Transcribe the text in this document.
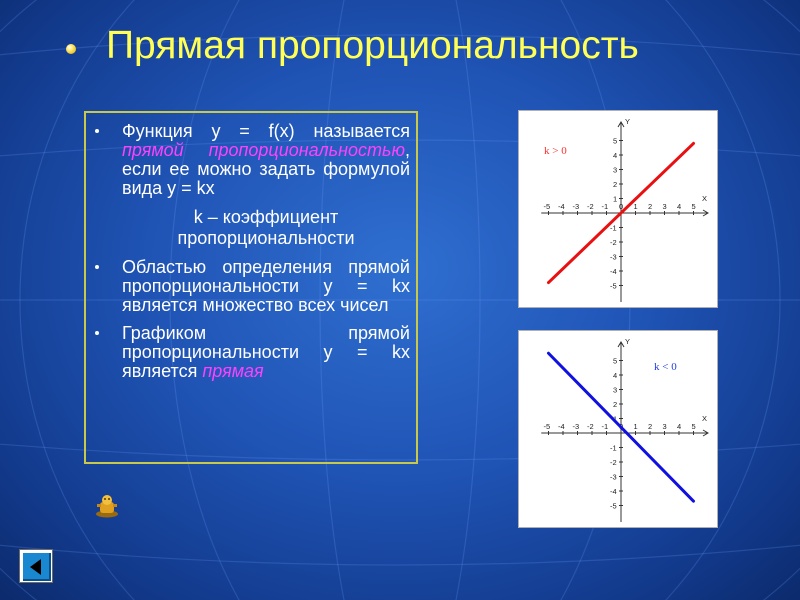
Прямая пропорциональность
Функция y = f(x) называется прямой пропорциональностью, если ее можно задать формулой вида y = kx
k – коэффициент пропорциональности
Областью определения прямой пропорциональности y = kx является множество всех чисел
Графиком прямой пропорциональности y = kx является прямая
X
Y
-5 -4 -3 -2 -1 0 1 2 3 4 5
-5
-4
-3
-2
-1
1
2
3
4
5
k > 0
X
Y
-5 -4 -3 -2 -1 0 1 2 3 4 5
-5
-4
-3
-2
-1
1
2
3
4
5	k < 0
